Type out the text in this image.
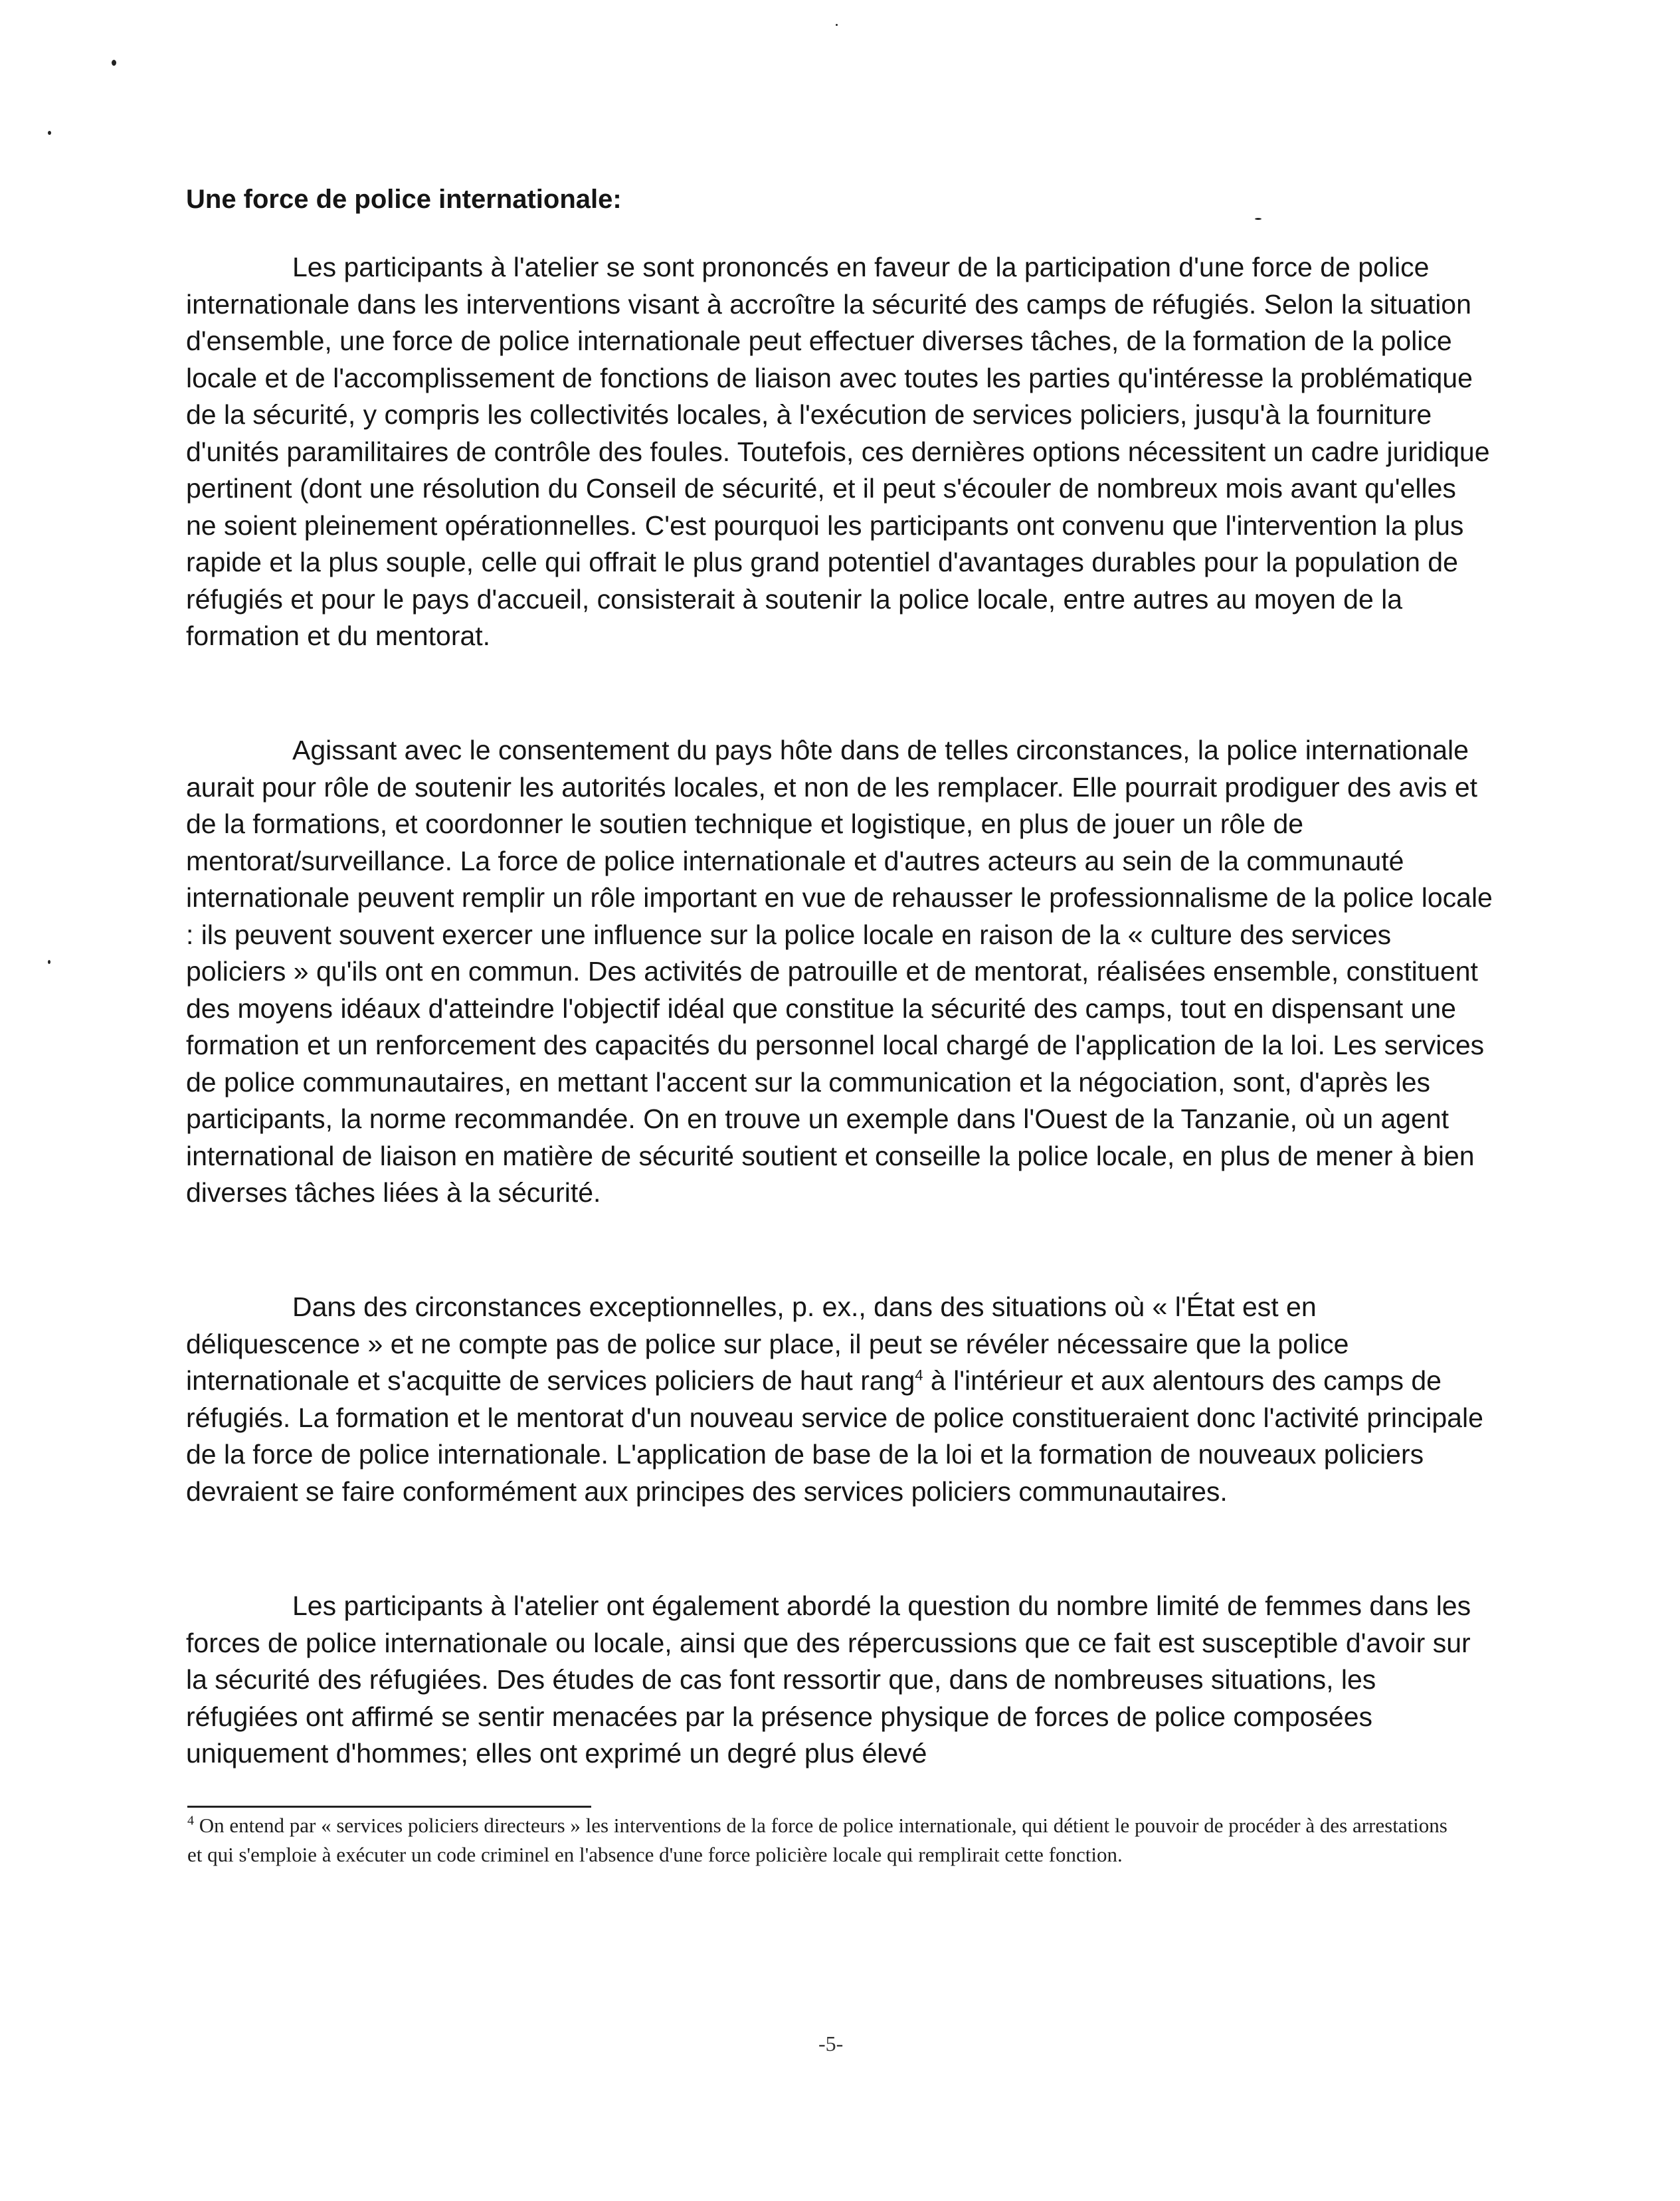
Une force de police internationale:

Les participants à l'atelier se sont prononcés en faveur de la participation d'une force de police internationale dans les interventions visant à accroître la sécurité des camps de réfugiés. Selon la situation d'ensemble, une force de police internationale peut effectuer diverses tâches, de la formation de la police locale et de l'accomplissement de fonctions de liaison avec toutes les parties qu'intéresse la problématique de la sécurité, y compris les collectivités locales, à l'exécution de services policiers, jusqu'à la fourniture d'unités paramilitaires de contrôle des foules. Toutefois, ces dernières options nécessitent un cadre juridique pertinent (dont une résolution du Conseil de sécurité, et il peut s'écouler de nombreux mois avant qu'elles ne soient pleinement opérationnelles. C'est pourquoi les participants ont convenu que l'intervention la plus rapide et la plus souple, celle qui offrait le plus grand potentiel d'avantages durables pour la population de réfugiés et pour le pays d'accueil, consisterait à soutenir la police locale, entre autres au moyen de la formation et du mentorat.

Agissant avec le consentement du pays hôte dans de telles circonstances, la police internationale aurait pour rôle de soutenir les autorités locales, et non de les remplacer. Elle pourrait prodiguer des avis et de la formations, et coordonner le soutien technique et logistique, en plus de jouer un rôle de mentorat/surveillance. La force de police internationale et d'autres acteurs au sein de la communauté internationale peuvent remplir un rôle important en vue de rehausser le professionnalisme de la police locale : ils peuvent souvent exercer une influence sur la police locale en raison de la « culture des services policiers » qu'ils ont en commun. Des activités de patrouille et de mentorat, réalisées ensemble, constituent des moyens idéaux d'atteindre l'objectif idéal que constitue la sécurité des camps, tout en dispensant une formation et un renforcement des capacités du personnel local chargé de l'application de la loi. Les services de police communautaires, en mettant l'accent sur la communication et la négociation, sont, d'après les participants, la norme recommandée. On en trouve un exemple dans l'Ouest de la Tanzanie, où un agent international de liaison en matière de sécurité soutient et conseille la police locale, en plus de mener à bien diverses tâches liées à la sécurité.

Dans des circonstances exceptionnelles, p. ex., dans des situations où « l'État est en déliquescence » et ne compte pas de police sur place, il peut se révéler nécessaire que la police internationale et s'acquitte de services policiers de haut rang$^4$ à l'intérieur et aux alentours des camps de réfugiés. La formation et le mentorat d'un nouveau service de police constitueraient donc l'activité principale de la force de police internationale. L'application de base de la loi et la formation de nouveaux policiers devraient se faire conformément aux principes des services policiers communautaires.

Les participants à l'atelier ont également abordé la question du nombre limité de femmes dans les forces de police internationale ou locale, ainsi que des répercussions que ce fait est susceptible d'avoir sur la sécurité des réfugiées. Des études de cas font ressortir que, dans de nombreuses situations, les réfugiées ont affirmé se sentir menacées par la présence physique de forces de police composées uniquement d'hommes; elles ont exprimé un degré plus élevé

$^4$ On entend par « services policiers directeurs » les interventions de la force de police internationale, qui détient le pouvoir de procéder à des arrestations et qui s'emploie à exécuter un code criminel en l'absence d'une force policière locale qui remplirait cette fonction.

-5-
